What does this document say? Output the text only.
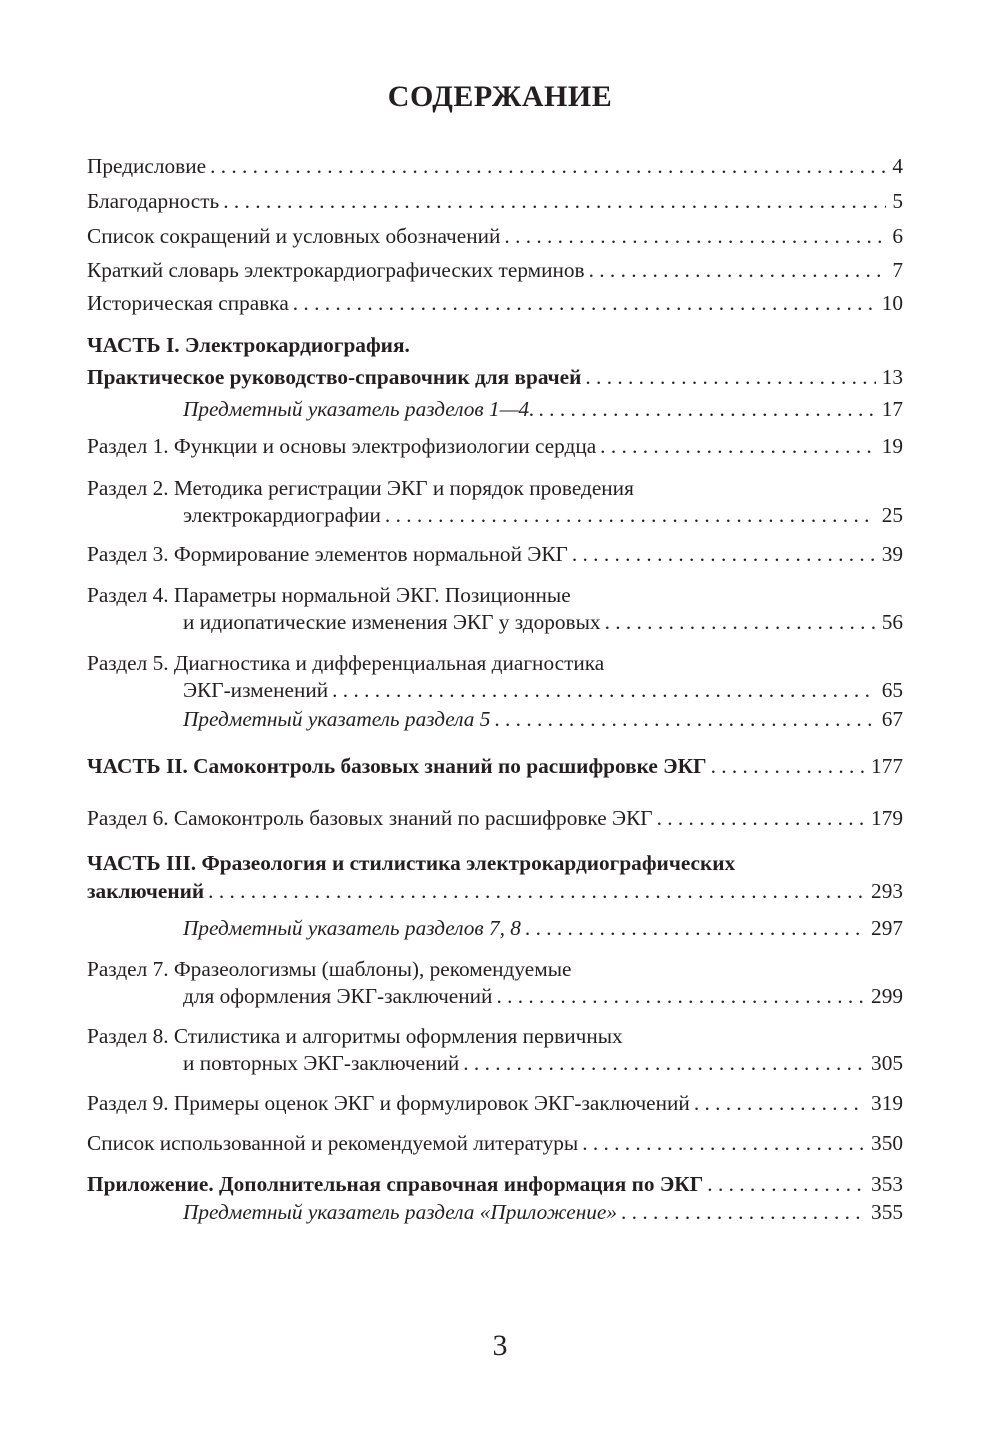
СОДЕРЖАНИЕ
Предисловие . . .	4
Благодарность . . .	5
Список сокращений и условных обозначений . . .	6
Краткий словарь электрокардиографических терминов . . .	7
Историческая справка . . .	10
ЧАСТЬ I. Электрокардиография.
Практическое руководство-справочник для врачей . . .	13
Предметный указатель разделов 1—4. . . .	17
Раздел 1. Функции и основы электрофизиологии сердца . . .	19
Раздел 2. Методика регистрации ЭКГ и порядок проведения
электрокардиографии . . .	25
Раздел 3. Формирование элементов нормальной ЭКГ . . .	39
Раздел 4. Параметры нормальной ЭКГ. Позиционные
и идиопатические изменения ЭКГ у здоровых . . .	56
Раздел 5. Диагностика и дифференциальная диагностика
ЭКГ-изменений . . .	65
Предметный указатель раздела 5 . . .	67
ЧАСТЬ II. Самоконтроль базовых знаний по расшифровке ЭКГ . . .	177
Раздел 6. Самоконтроль базовых знаний по расшифровке ЭКГ . . .	179
ЧАСТЬ III. Фразеология и стилистика электрокардиографических
заключений . . .	293
Предметный указатель разделов 7, 8 . . .	297
Раздел 7. Фразеологизмы (шаблоны), рекомендуемые
для оформления ЭКГ-заключений . . .	299
Раздел 8. Стилистика и алгоритмы оформления первичных
и повторных ЭКГ-заключений . . .	305
Раздел 9. Примеры оценок ЭКГ и формулировок ЭКГ-заключений . . .	319
Список использованной и рекомендуемой литературы . . .	350
Приложение. Дополнительная справочная информация по ЭКГ . . .	353
Предметный указатель раздела «Приложение» . . .	355
3
